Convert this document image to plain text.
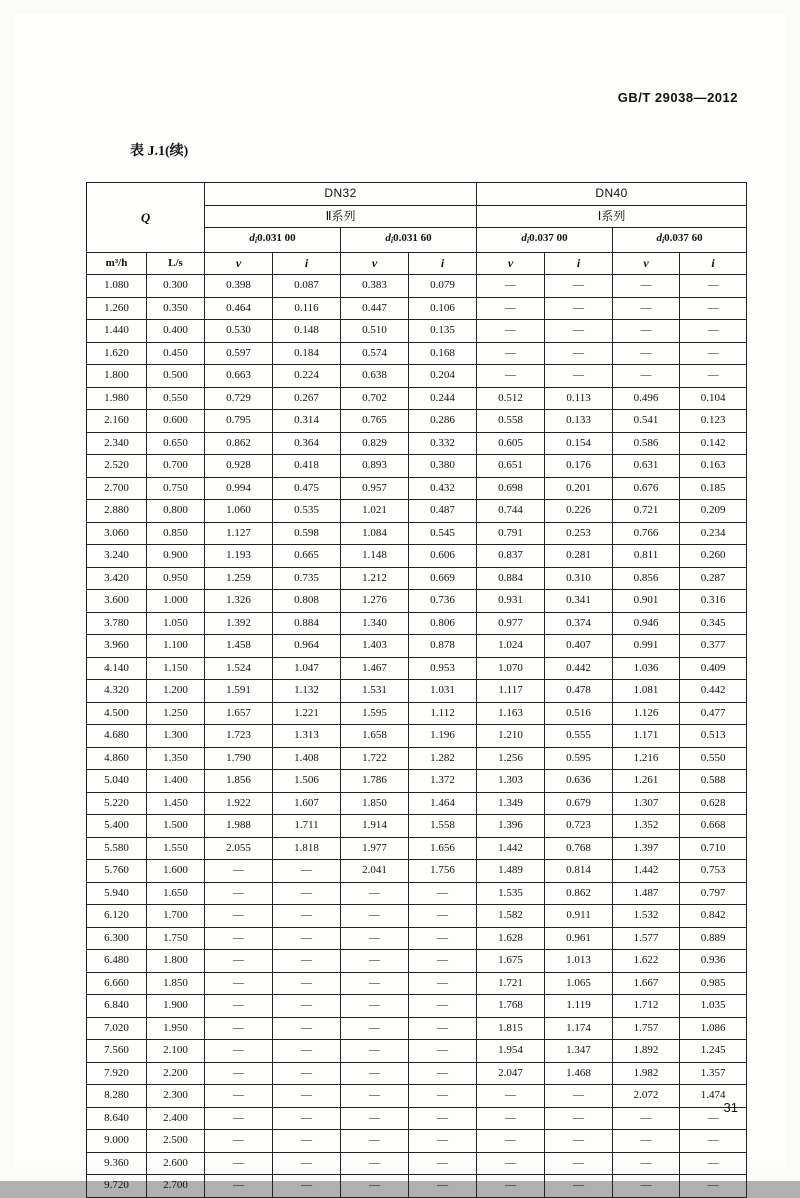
GB/T 29038—2012
表 J.1(续)
Q		DN32				DN40			
		Ⅱ系列				Ⅰ系列			
		$d_i0.031$ 00		$d_i0.031$ 60		$d_i0.037$ 00		$d_i0.037$ 60	
m³/h	L/s	v	i	v	i	v	i	v	i
1.080	0.300	0.398	0.087	0.383	0.079	—	—	—	—
1.260	0.350	0.464	0.116	0.447	0.106	—	—	—	—
1.440	0.400	0.530	0.148	0.510	0.135	—	—	—	—
1.620	0.450	0.597	0.184	0.574	0.168	—	—	—	—
1.800	0.500	0.663	0.224	0.638	0.204	—	—	—	—
1.980	0.550	0.729	0.267	0.702	0.244	0.512	0.113	0.496	0.104
2.160	0.600	0.795	0.314	0.765	0.286	0.558	0.133	0.541	0.123
2.340	0.650	0.862	0.364	0.829	0.332	0.605	0.154	0.586	0.142
2.520	0.700	0.928	0.418	0.893	0.380	0.651	0.176	0.631	0.163
2.700	0.750	0.994	0.475	0.957	0.432	0.698	0.201	0.676	0.185
2.880	0.800	1.060	0.535	1.021	0.487	0.744	0.226	0.721	0.209
3.060	0.850	1.127	0.598	1.084	0.545	0.791	0.253	0.766	0.234
3.240	0.900	1.193	0.665	1.148	0.606	0.837	0.281	0.811	0.260
3.420	0.950	1.259	0.735	1.212	0.669	0.884	0.310	0.856	0.287
3.600	1.000	1.326	0.808	1.276	0.736	0.931	0.341	0.901	0.316
3.780	1.050	1.392	0.884	1.340	0.806	0.977	0.374	0.946	0.345
3.960	1.100	1.458	0.964	1.403	0.878	1.024	0.407	0.991	0.377
4.140	1.150	1.524	1.047	1.467	0.953	1.070	0.442	1.036	0.409
4.320	1.200	1.591	1.132	1.531	1.031	1.117	0.478	1.081	0.442
4.500	1.250	1.657	1.221	1.595	1.112	1.163	0.516	1.126	0.477
4.680	1.300	1.723	1.313	1.658	1.196	1.210	0.555	1.171	0.513
4.860	1.350	1.790	1.408	1.722	1.282	1.256	0.595	1.216	0.550
5.040	1.400	1.856	1.506	1.786	1.372	1.303	0.636	1.261	0.588
5.220	1.450	1.922	1.607	1.850	1.464	1.349	0.679	1.307	0.628
5.400	1.500	1.988	1.711	1.914	1.558	1.396	0.723	1.352	0.668
5.580	1.550	2.055	1.818	1.977	1.656	1.442	0.768	1.397	0.710
5.760	1.600	—	—	2.041	1.756	1.489	0.814	1.442	0.753
5.940	1.650	—	—	—	—	1.535	0.862	1.487	0.797
6.120	1.700	—	—	—	—	1.582	0.911	1.532	0.842
6.300	1.750	—	—	—	—	1.628	0.961	1.577	0.889
6.480	1.800	—	—	—	—	1.675	1.013	1.622	0.936
6.660	1.850	—	—	—	—	1.721	1.065	1.667	0.985
6.840	1.900	—	—	—	—	1.768	1.119	1.712	1.035
7.020	1.950	—	—	—	—	1.815	1.174	1.757	1.086
7.560	2.100	—	—	—	—	1.954	1.347	1.892	1.245
7.920	2.200	—	—	—	—	2.047	1.468	1.982	1.357
8.280	2.300	—	—	—	—	—	—	2.072	1.474
8.640	2.400	—	—	—	—	—	—	—	—
9.000	2.500	—	—	—	—	—	—	—	—
9.360	2.600	—	—	—	—	—	—	—	—
9.720	2.700	—	—	—	—	—	—	—	—
31
